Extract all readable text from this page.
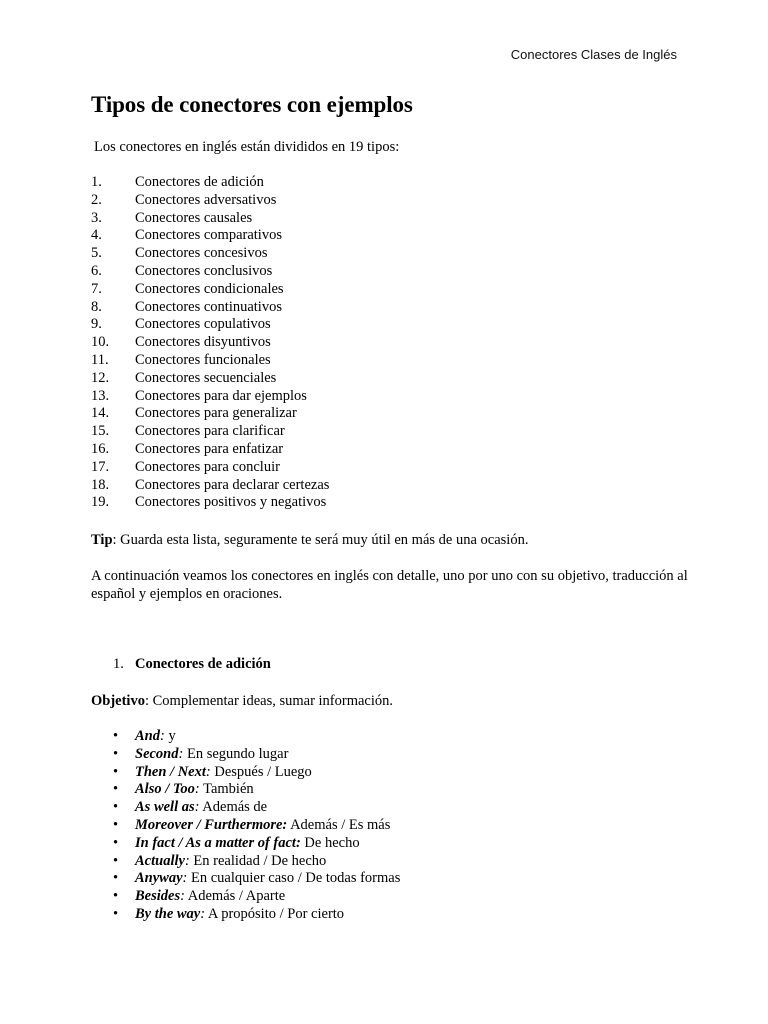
Conectores Clases de Inglés
Tipos de conectores con ejemplos

Los conectores en inglés están divididos en 19 tipos:

1. Conectores de adición
2. Conectores adversativos
3. Conectores causales
4. Conectores comparativos
5. Conectores concesivos
6. Conectores conclusivos
7. Conectores condicionales
8. Conectores continuativos
9. Conectores copulativos
10. Conectores disyuntivos
11. Conectores funcionales
12. Conectores secuenciales
13. Conectores para dar ejemplos
14. Conectores para generalizar
15. Conectores para clarificar
16. Conectores para enfatizar
17. Conectores para concluir
18. Conectores para declarar certezas
19. Conectores positivos y negativos

Tip: Guarda esta lista, seguramente te será muy útil en más de una ocasión.

A continuación veamos los conectores en inglés con detalle, uno por uno con su objetivo, traducción al español y ejemplos en oraciones.

1. Conectores de adición

Objetivo: Complementar ideas, sumar información.

• And: y
• Second: En segundo lugar
• Then / Next: Después / Luego
• Also / Too: También
• As well as: Además de
• Moreover / Furthermore: Además / Es más
• In fact / As a matter of fact: De hecho
• Actually: En realidad / De hecho
• Anyway: En cualquier caso / De todas formas
• Besides: Además / Aparte
• By the way: A propósito / Por cierto
